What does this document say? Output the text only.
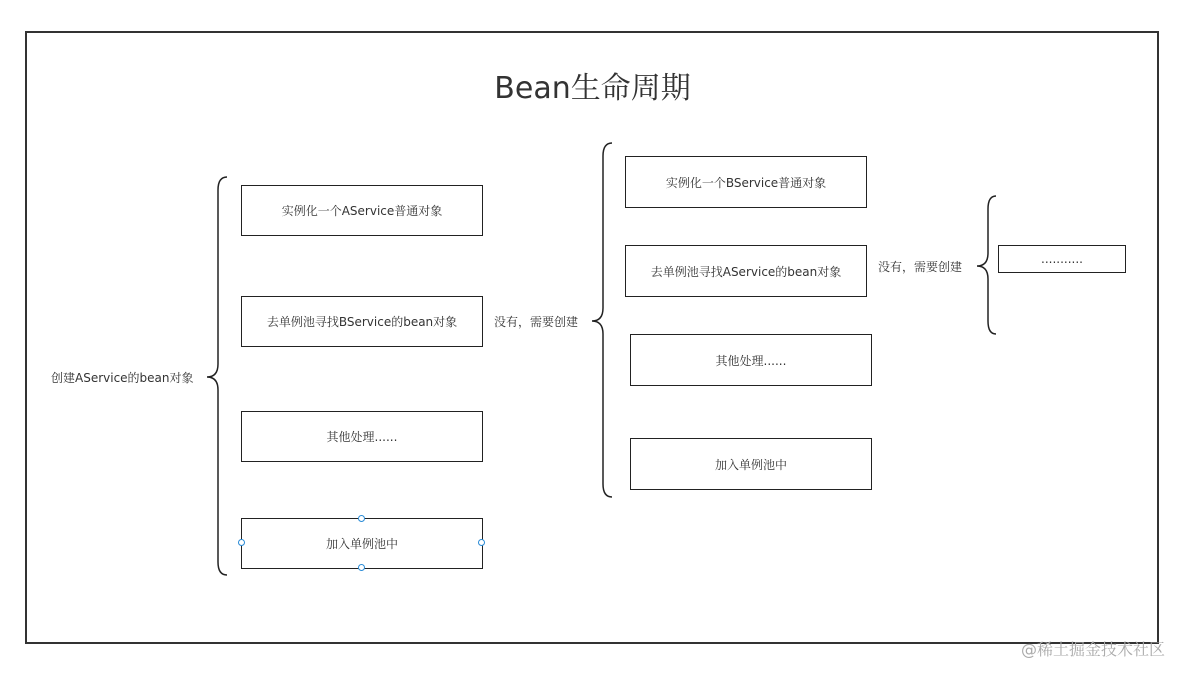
Bean生命周期
创建AService的bean对象
实例化一个AService普通对象
去单例池寻找BService的bean对象
其他处理......
加入单例池中
没有，需要创建
实例化一个BService普通对象
去单例池寻找AService的bean对象
其他处理......
加入单例池中
没有，需要创建
...........
@稀土掘金技术社区
